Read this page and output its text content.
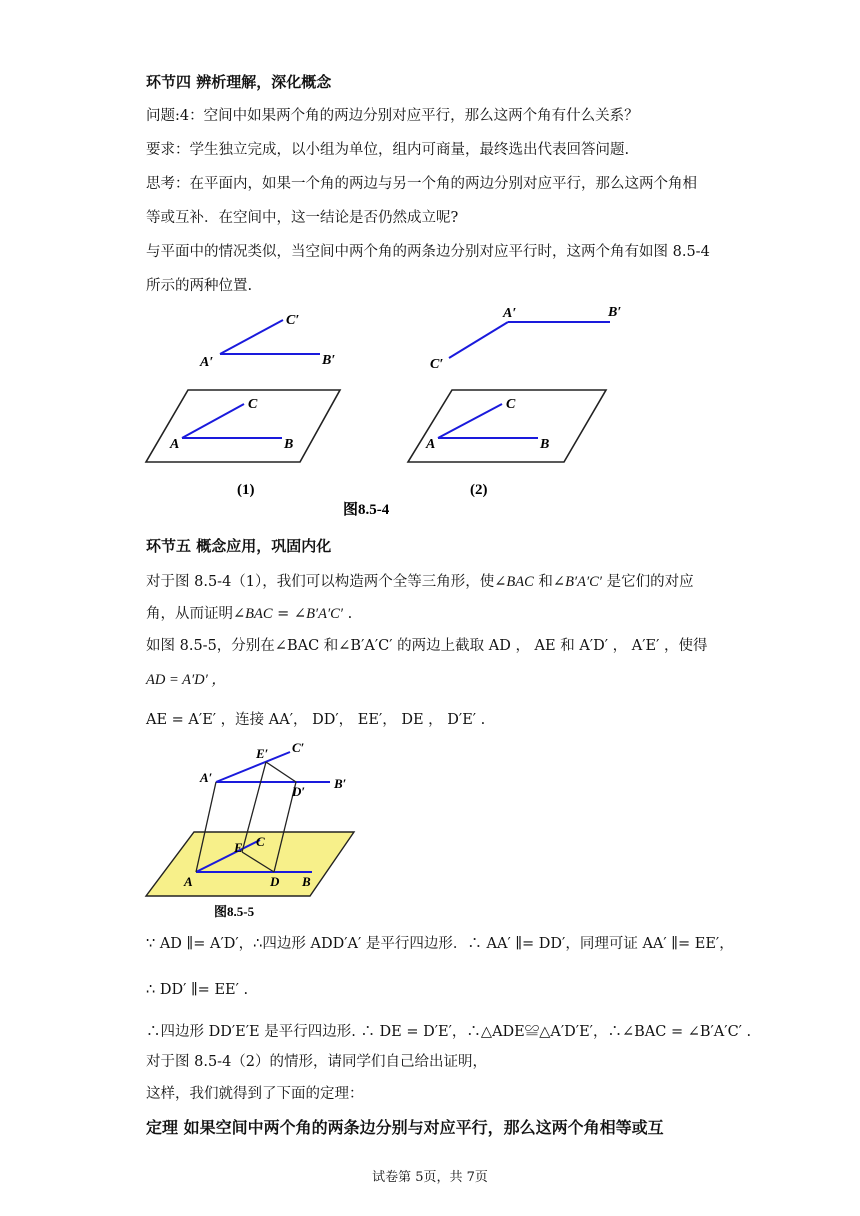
环节四 辨析理解，深化概念
问题:4：空间中如果两个角的两边分别对应平行，那么这两个角有什么关系？
要求：学生独立完成，以小组为单位，组内可商量，最终选出代表回答问题.
思考：在平面内，如果一个角的两边与另一个角的两边分别对应平行，那么这两个角相
等或互补．在空间中，这一结论是否仍然成立呢?
与平面中的情况类似，当空间中两个角的两条边分别对应平行时，这两个角有如图 8.5-4
所示的两种位置.
C′
A′	B′
C
A	B
(1)
A′	B′
C′
C
A	B
(2)
图8.5-4
环节五 概念应用，巩固内化
对于图 8.5-4（1），我们可以构造两个全等三角形，使∠BAC 和∠B′A′C′ 是它们的对应
角，从而证明∠BAC = ∠B′A′C′ .
如图 8.5-5，分别在∠BAC 和∠B′A′C′ 的两边上截取 AD ， AE 和 A′D′ ， A′E′ ，使得
AD = A′D′ ，
AE = A′E′ ，连接 AA′， DD′， EE′， DE ， D′E′ .
E′ C′
A′	B′
D′
E C
A	D B
图8.5-5
∵ AD ∥= A′D′，∴四边形 ADD′A′ 是平行四边形．∴ AA′ ∥= DD′，同理可证 AA′ ∥= EE′，
∴ DD′ ∥= EE′ .
∴四边形 DD′E′E 是平行四边形. ∴ DE = D′E′，∴△ADE≌△A′D′E′，∴∠BAC = ∠B′A′C′ .
对于图 8.5-4（2）的情形，请同学们自己给出证明，
这样，我们就得到了下面的定理：
定理 如果空间中两个角的两条边分别与对应平行，那么这两个角相等或互
试卷第 5页，共 7页
